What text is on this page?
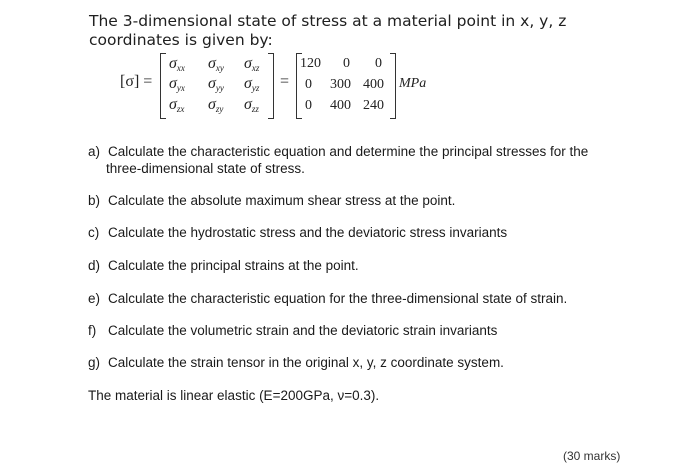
The 3-dimensional state of stress at a material point in x, y, z coordinates is given by:
[σ] =
$\sigma_{xx}$ $\sigma_{xy}$ $\sigma_{xz}$
$\sigma_{yx}$ $\sigma_{yy}$ $\sigma_{yz}$
$\sigma_{zx}$ $\sigma_{zy}$ $\sigma_{zz}$
=
120 0 0
0 300 400
0 400 240
MPa
a) Calculate the characteristic equation and determine the principal stresses for the
three-dimensional state of stress.
b) Calculate the absolute maximum shear stress at the point.
c) Calculate the hydrostatic stress and the deviatoric stress invariants
d) Calculate the principal strains at the point.
e) Calculate the characteristic equation for the three-dimensional state of strain.
f) Calculate the volumetric strain and the deviatoric strain invariants
g) Calculate the strain tensor in the original x, y, z coordinate system.
The material is linear elastic (E=200GPa, ν=0.3).
(30 marks)
